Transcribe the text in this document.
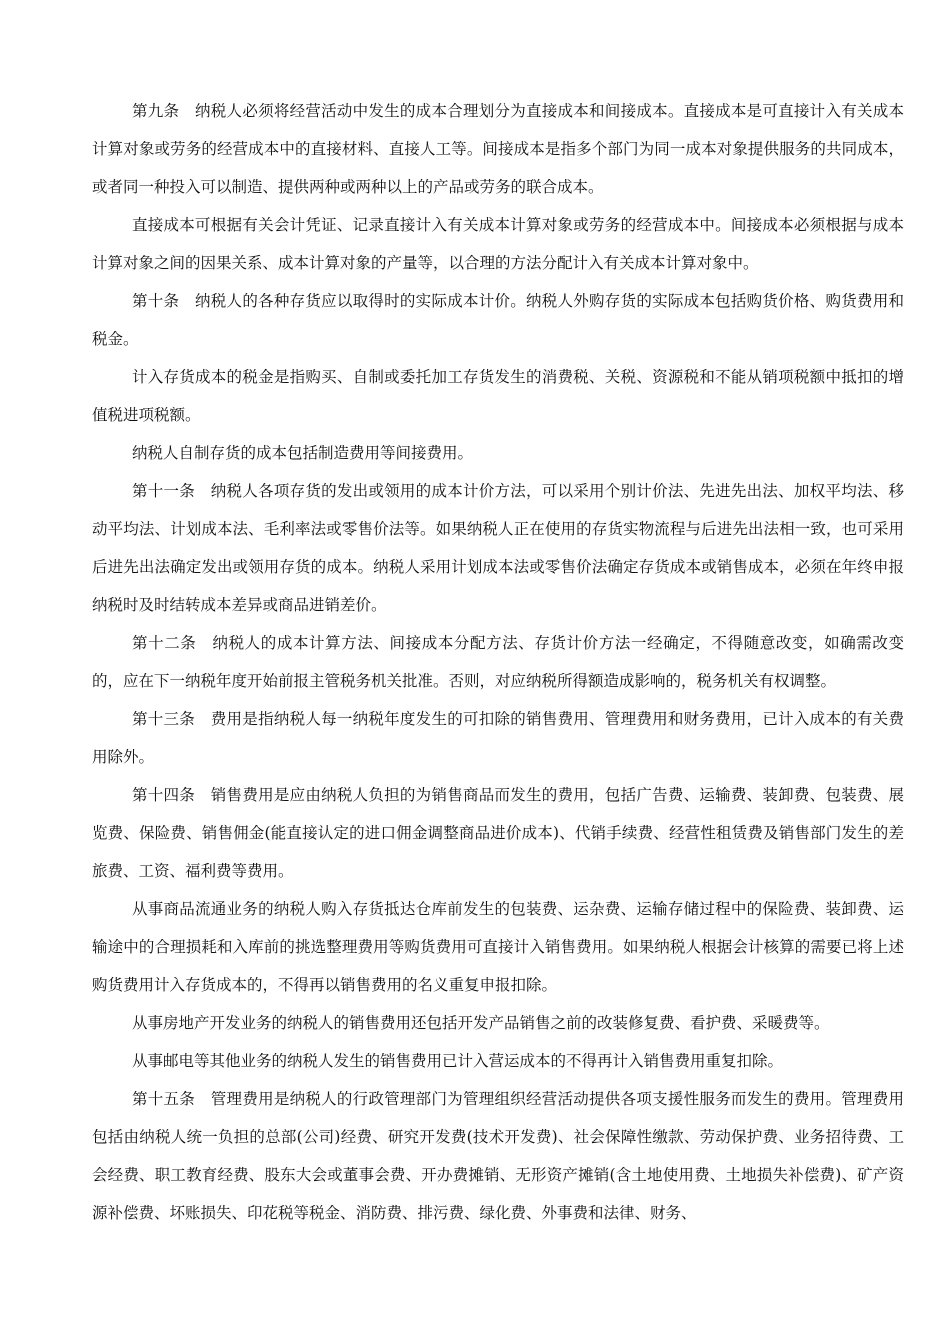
第九条　纳税人必须将经营活动中发生的成本合理划分为直接成本和间接成本。直接成本是可直接计入有关成本计算对象或劳务的经营成本中的直接材料、直接人工等。间接成本是指多个部门为同一成本对象提供服务的共同成本，或者同一种投入可以制造、提供两种或两种以上的产品或劳务的联合成本。

直接成本可根据有关会计凭证、记录直接计入有关成本计算对象或劳务的经营成本中。间接成本必须根据与成本计算对象之间的因果关系、成本计算对象的产量等，以合理的方法分配计入有关成本计算对象中。

第十条　纳税人的各种存货应以取得时的实际成本计价。纳税人外购存货的实际成本包括购货价格、购货费用和税金。

计入存货成本的税金是指购买、自制或委托加工存货发生的消费税、关税、资源税和不能从销项税额中抵扣的增值税进项税额。

纳税人自制存货的成本包括制造费用等间接费用。

第十一条　纳税人各项存货的发出或领用的成本计价方法，可以采用个别计价法、先进先出法、加权平均法、移动平均法、计划成本法、毛利率法或零售价法等。如果纳税人正在使用的存货实物流程与后进先出法相一致，也可采用后进先出法确定发出或领用存货的成本。纳税人采用计划成本法或零售价法确定存货成本或销售成本，必须在年终申报纳税时及时结转成本差异或商品进销差价。

第十二条　纳税人的成本计算方法、间接成本分配方法、存货计价方法一经确定，不得随意改变，如确需改变的，应在下一纳税年度开始前报主管税务机关批准。否则，对应纳税所得额造成影响的，税务机关有权调整。

第十三条　费用是指纳税人每一纳税年度发生的可扣除的销售费用、管理费用和财务费用，已计入成本的有关费用除外。

第十四条　销售费用是应由纳税人负担的为销售商品而发生的费用，包括广告费、运输费、装卸费、包装费、展览费、保险费、销售佣金(能直接认定的进口佣金调整商品进价成本)、代销手续费、经营性租赁费及销售部门发生的差旅费、工资、福利费等费用。

从事商品流通业务的纳税人购入存货抵达仓库前发生的包装费、运杂费、运输存储过程中的保险费、装卸费、运输途中的合理损耗和入库前的挑选整理费用等购货费用可直接计入销售费用。如果纳税人根据会计核算的需要已将上述购货费用计入存货成本的，不得再以销售费用的名义重复申报扣除。

从事房地产开发业务的纳税人的销售费用还包括开发产品销售之前的改装修复费、看护费、采暖费等。

从事邮电等其他业务的纳税人发生的销售费用已计入营运成本的不得再计入销售费用重复扣除。

第十五条　管理费用是纳税人的行政管理部门为管理组织经营活动提供各项支援性服务而发生的费用。管理费用包括由纳税人统一负担的总部(公司)经费、研究开发费(技术开发费)、社会保障性缴款、劳动保护费、业务招待费、工会经费、职工教育经费、股东大会或董事会费、开办费摊销、无形资产摊销(含土地使用费、土地损失补偿费)、矿产资源补偿费、坏账损失、印花税等税金、消防费、排污费、绿化费、外事费和法律、财务、
